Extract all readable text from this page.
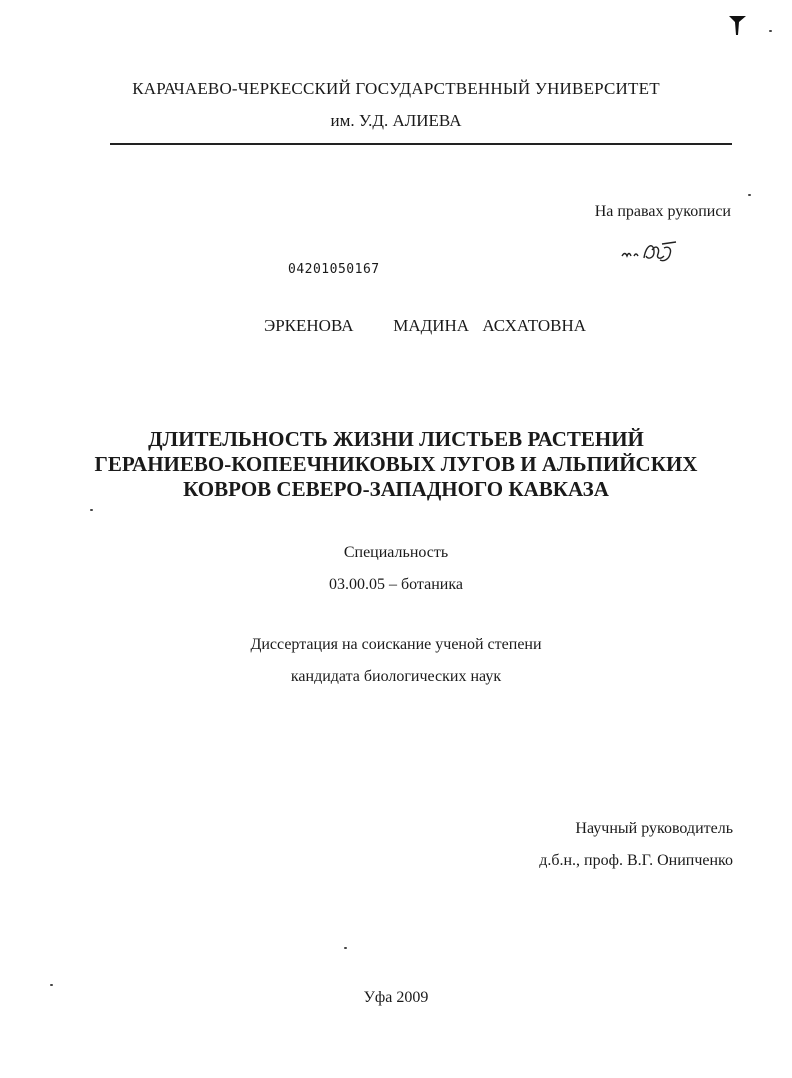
КАРАЧАЕВО-ЧЕРКЕССКИЙ ГОСУДАРСТВЕННЫЙ УНИВЕРСИТЕТ
им. У.Д. АЛИЕВА
На правах рукописи
04201050167
ЭРКЕНОВА   МАДИНА АСХАТОВНА
ДЛИТЕЛЬНОСТЬ ЖИЗНИ ЛИСТЬЕВ РАСТЕНИЙ
ГЕРАНИЕВО-КОПЕЕЧНИКОВЫХ ЛУГОВ И АЛЬПИЙСКИХ
КОВРОВ СЕВЕРО-ЗАПАДНОГО КАВКАЗА
Специальность
03.00.05 – ботаника
Диссертация на соискание ученой степени
кандидата биологических наук
Научный руководитель
д.б.н., проф. В.Г. Онипченко
Уфа 2009
